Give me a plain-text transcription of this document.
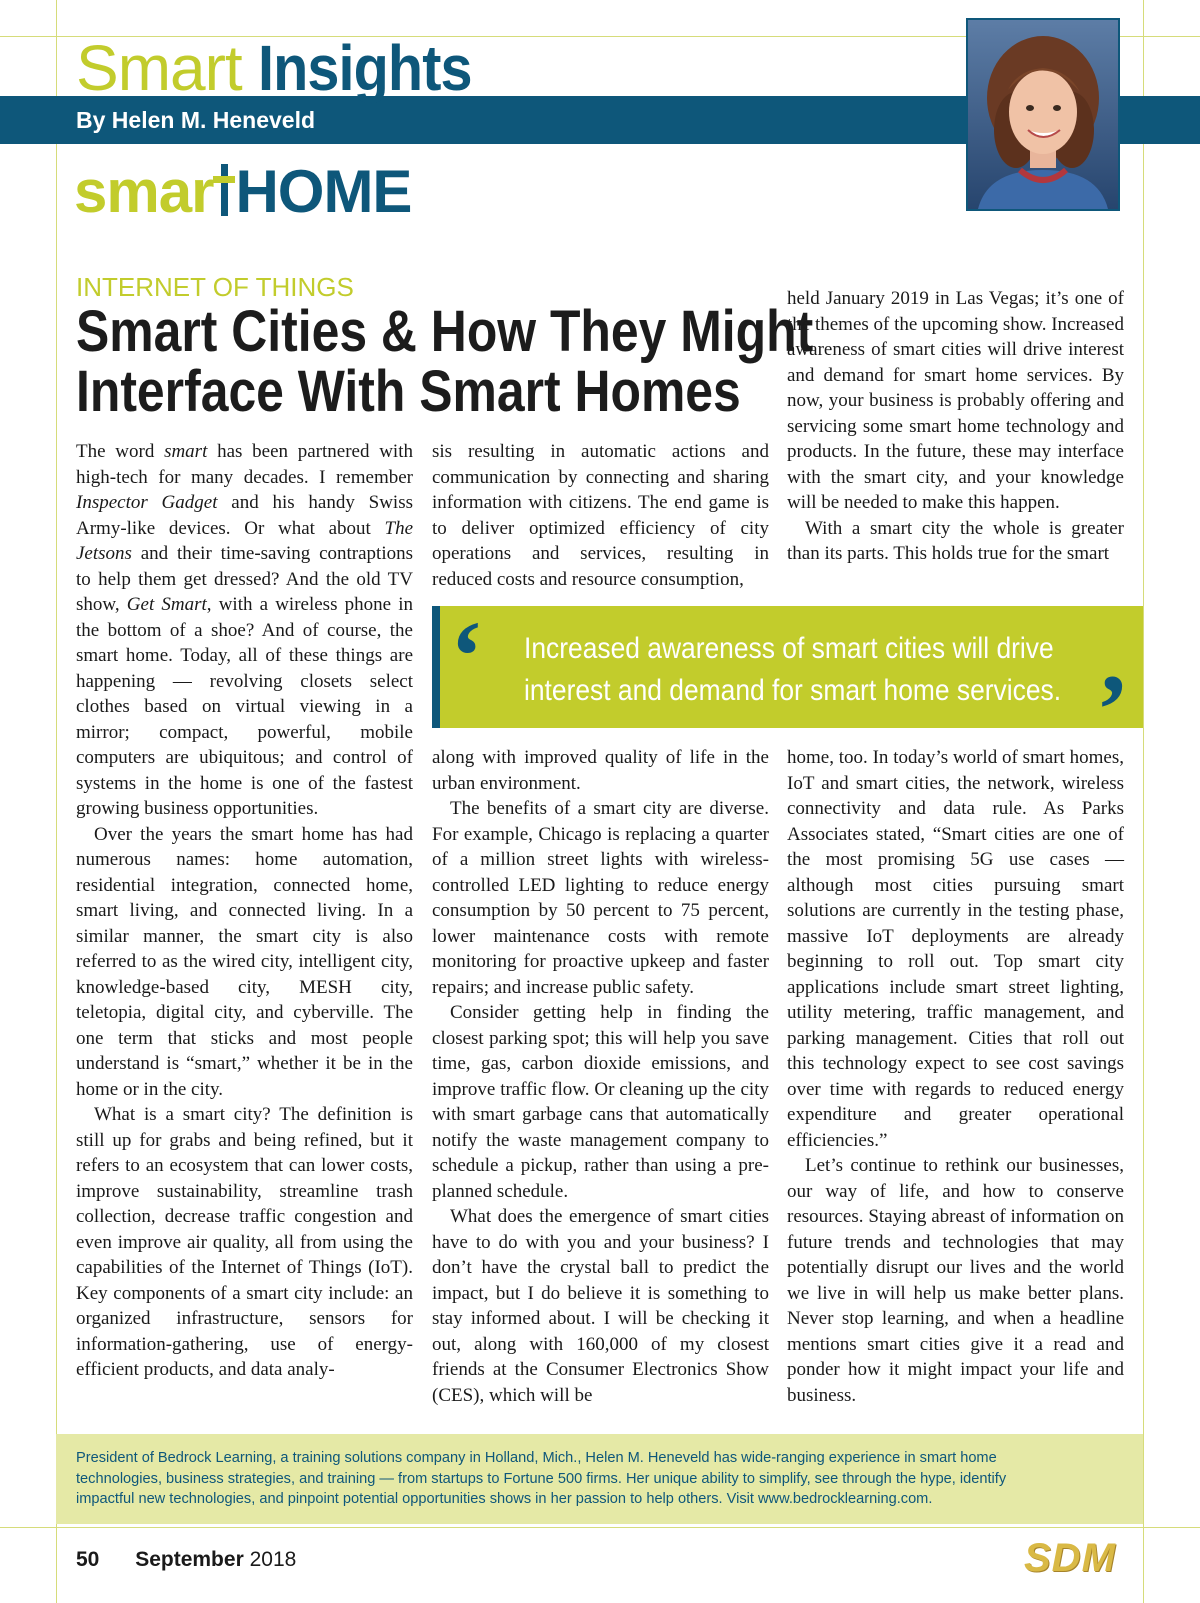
Smart Insights
By Helen M. Heneveld
smar HOME
INTERNET OF THINGS
Smart Cities & How They Might
Interface With Smart Homes

The word smart has been partnered with high-tech for many decades. I remember Inspector Gadget and his handy Swiss Army-like devices. Or what about The Jetsons and their time-saving contraptions to help them get dressed? And the old TV show, Get Smart, with a wireless phone in the bottom of a shoe? And of course, the smart home. Today, all of these things are happening — revolving closets select clothes based on virtual viewing in a mirror; compact, powerful, mobile computers are ubiquitous; and control of systems in the home is one of the fastest growing business opportunities.

Over the years the smart home has had numerous names: home automation, residential integration, connected home, smart living, and connected living. In a similar manner, the smart city is also referred to as the wired city, intelligent city, knowledge-based city, MESH city, teletopia, digital city, and cyberville. The one term that sticks and most people understand is “smart,” whether it be in the home or in the city.

What is a smart city? The definition is still up for grabs and being refined, but it refers to an ecosystem that can lower costs, improve sustainability, streamline trash collection, decrease traffic congestion and even improve air quality, all from using the capabilities of the Internet of Things (IoT). Key components of a smart city include: an organized infrastructure, sensors for information-gathering, use of energy-efficient products, and data analy-

sis resulting in automatic actions and communication by connecting and sharing information with citizens. The end game is to deliver optimized efficiency of city operations and services, resulting in reduced costs and resource consumption,

held January 2019 in Las Vegas; it’s one of the themes of the upcoming show. Increased awareness of smart cities will drive interest and demand for smart home services. By now, your business is probably offering and servicing some smart home technology and products. In the future, these may interface with the smart city, and your knowledge will be needed to make this happen.

With a smart city the whole is greater than its parts. This holds true for the smart

‘ Increased awareness of smart cities will drive
interest and demand for smart home services. ’

along with improved quality of life in the urban environment.

The benefits of a smart city are diverse. For example, Chicago is replacing a quarter of a million street lights with wireless-controlled LED lighting to reduce energy consumption by 50 percent to 75 percent, lower maintenance costs with remote monitoring for proactive upkeep and faster repairs; and increase public safety.

Consider getting help in finding the closest parking spot; this will help you save time, gas, carbon dioxide emissions, and improve traffic flow. Or cleaning up the city with smart garbage cans that automatically notify the waste management company to schedule a pickup, rather than using a pre-planned schedule.

What does the emergence of smart cities have to do with you and your business? I don’t have the crystal ball to predict the impact, but I do believe it is something to stay informed about. I will be checking it out, along with 160,000 of my closest friends at the Consumer Electronics Show (CES), which will be

home, too. In today’s world of smart homes, IoT and smart cities, the network, wireless connectivity and data rule. As Parks Associates stated, “Smart cities are one of the most promising 5G use cases — although most cities pursuing smart solutions are currently in the testing phase, massive IoT deployments are already beginning to roll out. Top smart city applications include smart street lighting, utility metering, traffic management, and parking management. Cities that roll out this technology expect to see cost savings over time with regards to reduced energy expenditure and greater operational efficiencies.”

Let’s continue to rethink our businesses, our way of life, and how to conserve resources. Staying abreast of information on future trends and technologies that may potentially disrupt our lives and the world we live in will help us make better plans. Never stop learning, and when a headline mentions smart cities give it a read and ponder how it might impact your life and business.

President of Bedrock Learning, a training solutions company in Holland, Mich., Helen M. Heneveld has wide-ranging experience in smart home
technologies, business strategies, and training — from startups to Fortune 500 firms. Her unique ability to simplify, see through the hype, identify
impactful new technologies, and pinpoint potential opportunities shows in her passion to help others. Visit www.bedrocklearning.com.
50 September 2018	SDM
